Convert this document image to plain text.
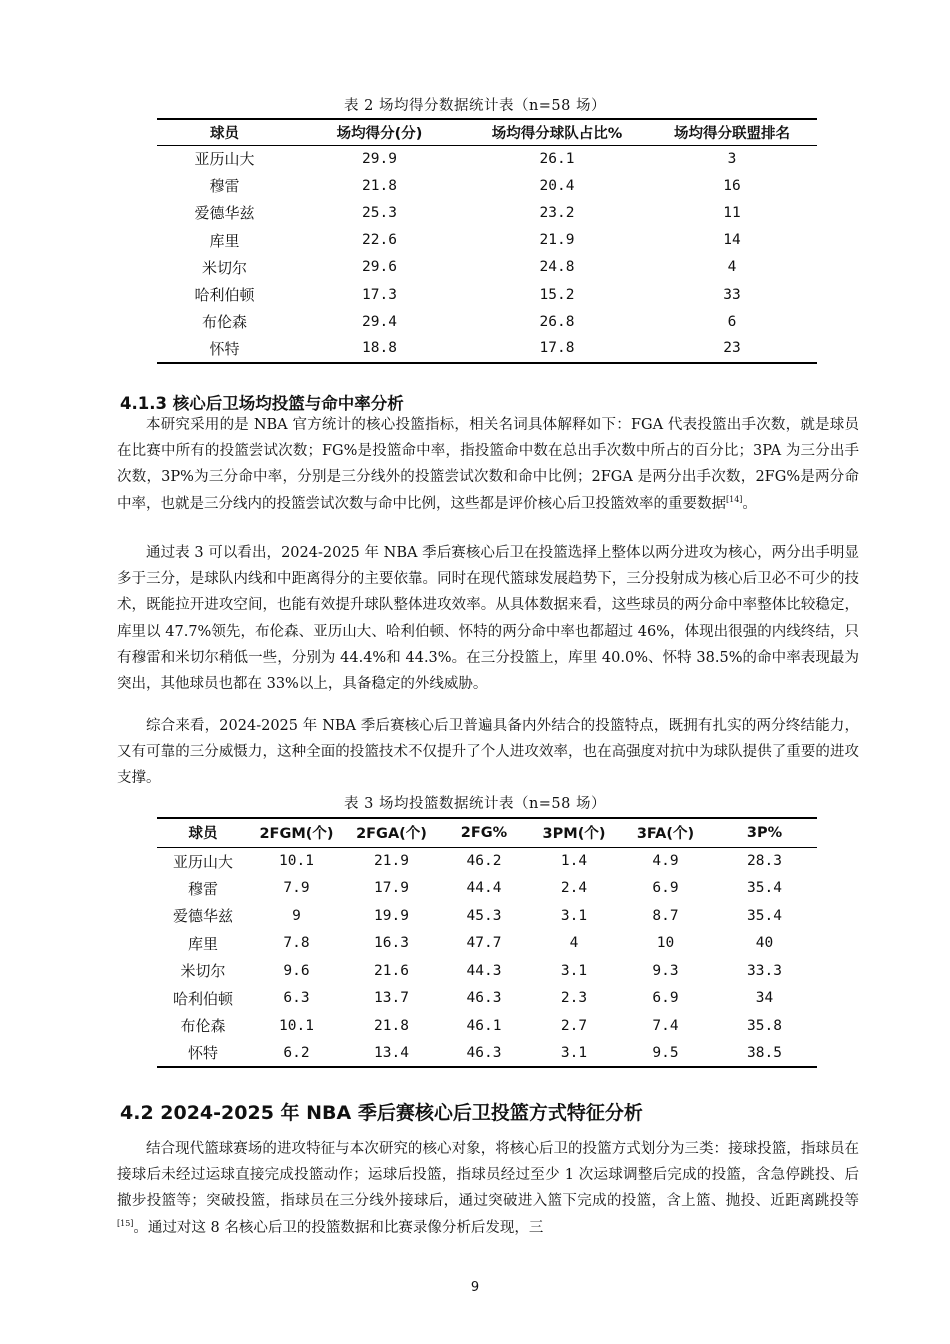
表 2 场均得分数据统计表（n=58 场）
球员	场均得分(分)	场均得分球队占比%	场均得分联盟排名
亚历山大	29.9	26.1	3
穆雷	21.8	20.4	16
爱德华兹	25.3	23.2	11
库里	22.6	21.9	14
米切尔	29.6	24.8	4
哈利伯顿	17.3	15.2	33
布伦森	29.4	26.8	6
怀特	18.8	17.8	23
4.1.3 核心后卫场均投篮与命中率分析

本研究采用的是 NBA 官方统计的核心投篮指标，相关名词具体解释如下：FGA 代表投篮出手次数，就是球员在比赛中所有的投篮尝试次数；FG%是投篮命中率，指投篮命中数在总出手次数中所占的百分比；3PA 为三分出手次数，3P%为三分命中率，分别是三分线外的投篮尝试次数和命中比例；2FGA 是两分出手次数，2FG%是两分命中率，也就是三分线内的投篮尝试次数与命中比例，这些都是评价核心后卫投篮效率的重要数据[14]。

通过表 3 可以看出，2024-2025 年 NBA 季后赛核心后卫在投篮选择上整体以两分进攻为核心，两分出手明显多于三分，是球队内线和中距离得分的主要依靠。同时在现代篮球发展趋势下，三分投射成为核心后卫必不可少的技术，既能拉开进攻空间，也能有效提升球队整体进攻效率。从具体数据来看，这些球员的两分命中率整体比较稳定，库里以 47.7%领先，布伦森、亚历山大、哈利伯顿、怀特的两分命中率也都超过 46%，体现出很强的内线终结，只有穆雷和米切尔稍低一些，分别为 44.4%和 44.3%。在三分投篮上，库里 40.0%、怀特 38.5%的命中率表现最为突出，其他球员也都在 33%以上，具备稳定的外线威胁。

综合来看，2024-2025 年 NBA 季后赛核心后卫普遍具备内外结合的投篮特点，既拥有扎实的两分终结能力，又有可靠的三分威慑力，这种全面的投篮技术不仅提升了个人进攻效率，也在高强度对抗中为球队提供了重要的进攻支撑。

表 3 场均投篮数据统计表（n=58 场）
球员	2FGM(个)	2FGA(个)	2FG%	3PM(个)	3FA(个)	3P%
亚历山大	10.1	21.9	46.2	1.4	4.9	28.3
穆雷	7.9	17.9	44.4	2.4	6.9	35.4
爱德华兹	9	19.9	45.3	3.1	8.7	35.4
库里	7.8	16.3	47.7	4	10	40
米切尔	9.6	21.6	44.3	3.1	9.3	33.3
哈利伯顿	6.3	13.7	46.3	2.3	6.9	34
布伦森	10.1	21.8	46.1	2.7	7.4	35.8
怀特	6.2	13.4	46.3	3.1	9.5	38.5
4.2 2024-2025 年 NBA 季后赛核心后卫投篮方式特征分析

结合现代篮球赛场的进攻特征与本次研究的核心对象，将核心后卫的投篮方式划分为三类：接球投篮，指球员在接球后未经过运球直接完成投篮动作；运球后投篮，指球员经过至少 1 次运球调整后完成的投篮，含急停跳投、后撤步投篮等；突破投篮，指球员在三分线外接球后，通过突破进入篮下完成的投篮，含上篮、抛投、近距离跳投等[15]。通过对这 8 名核心后卫的投篮数据和比赛录像分析后发现，三

9
